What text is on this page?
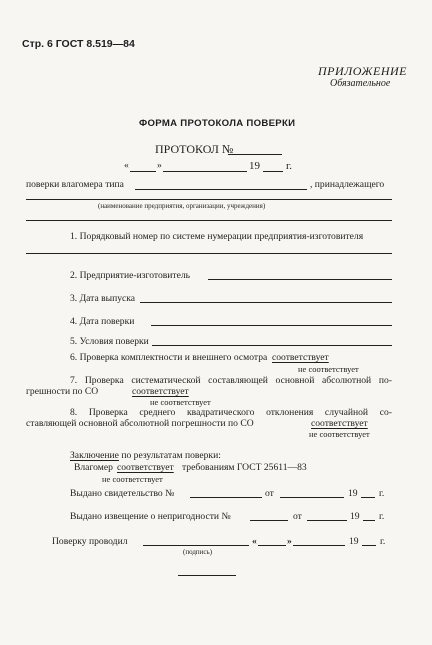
Стр. 6 ГОСТ 8.519—84
ПРИЛОЖЕНИЕ
Обязательное
ФОРМА ПРОТОКОЛА ПОВЕРКИ
ПРОТОКОЛ №
«	»	19 г.
поверки влагомера типа	, принадлежащего
(наименование предприятия, организации, учреждения)
1. Порядковый номер по системе нумерации предприятия-изготовителя
2. Предприятие-изготовитель
3. Дата выпуска
4. Дата поверки
5. Условия поверки
6. Проверка комплектности и внешнего осмотра соответствует
не соответствует
7. Проверка систематической составляющей основной абсолютной по-
грешности по СО	соответствует
не соответствует
8. Проверка среднего квадратического отклонения случайной со-
ставляющей основной абсолютной погрешности по СО	соответствует
не соответствует
Заключение по результатам поверки:
Влагомер соответствует требованиям ГОСТ 25611—83
не соответствует
Выдано свидетельство №	от	19 г.
Выдано извещение о непригодности №	от	19 г.
Поверку проводил
(подпись)
«	»	19 г.
